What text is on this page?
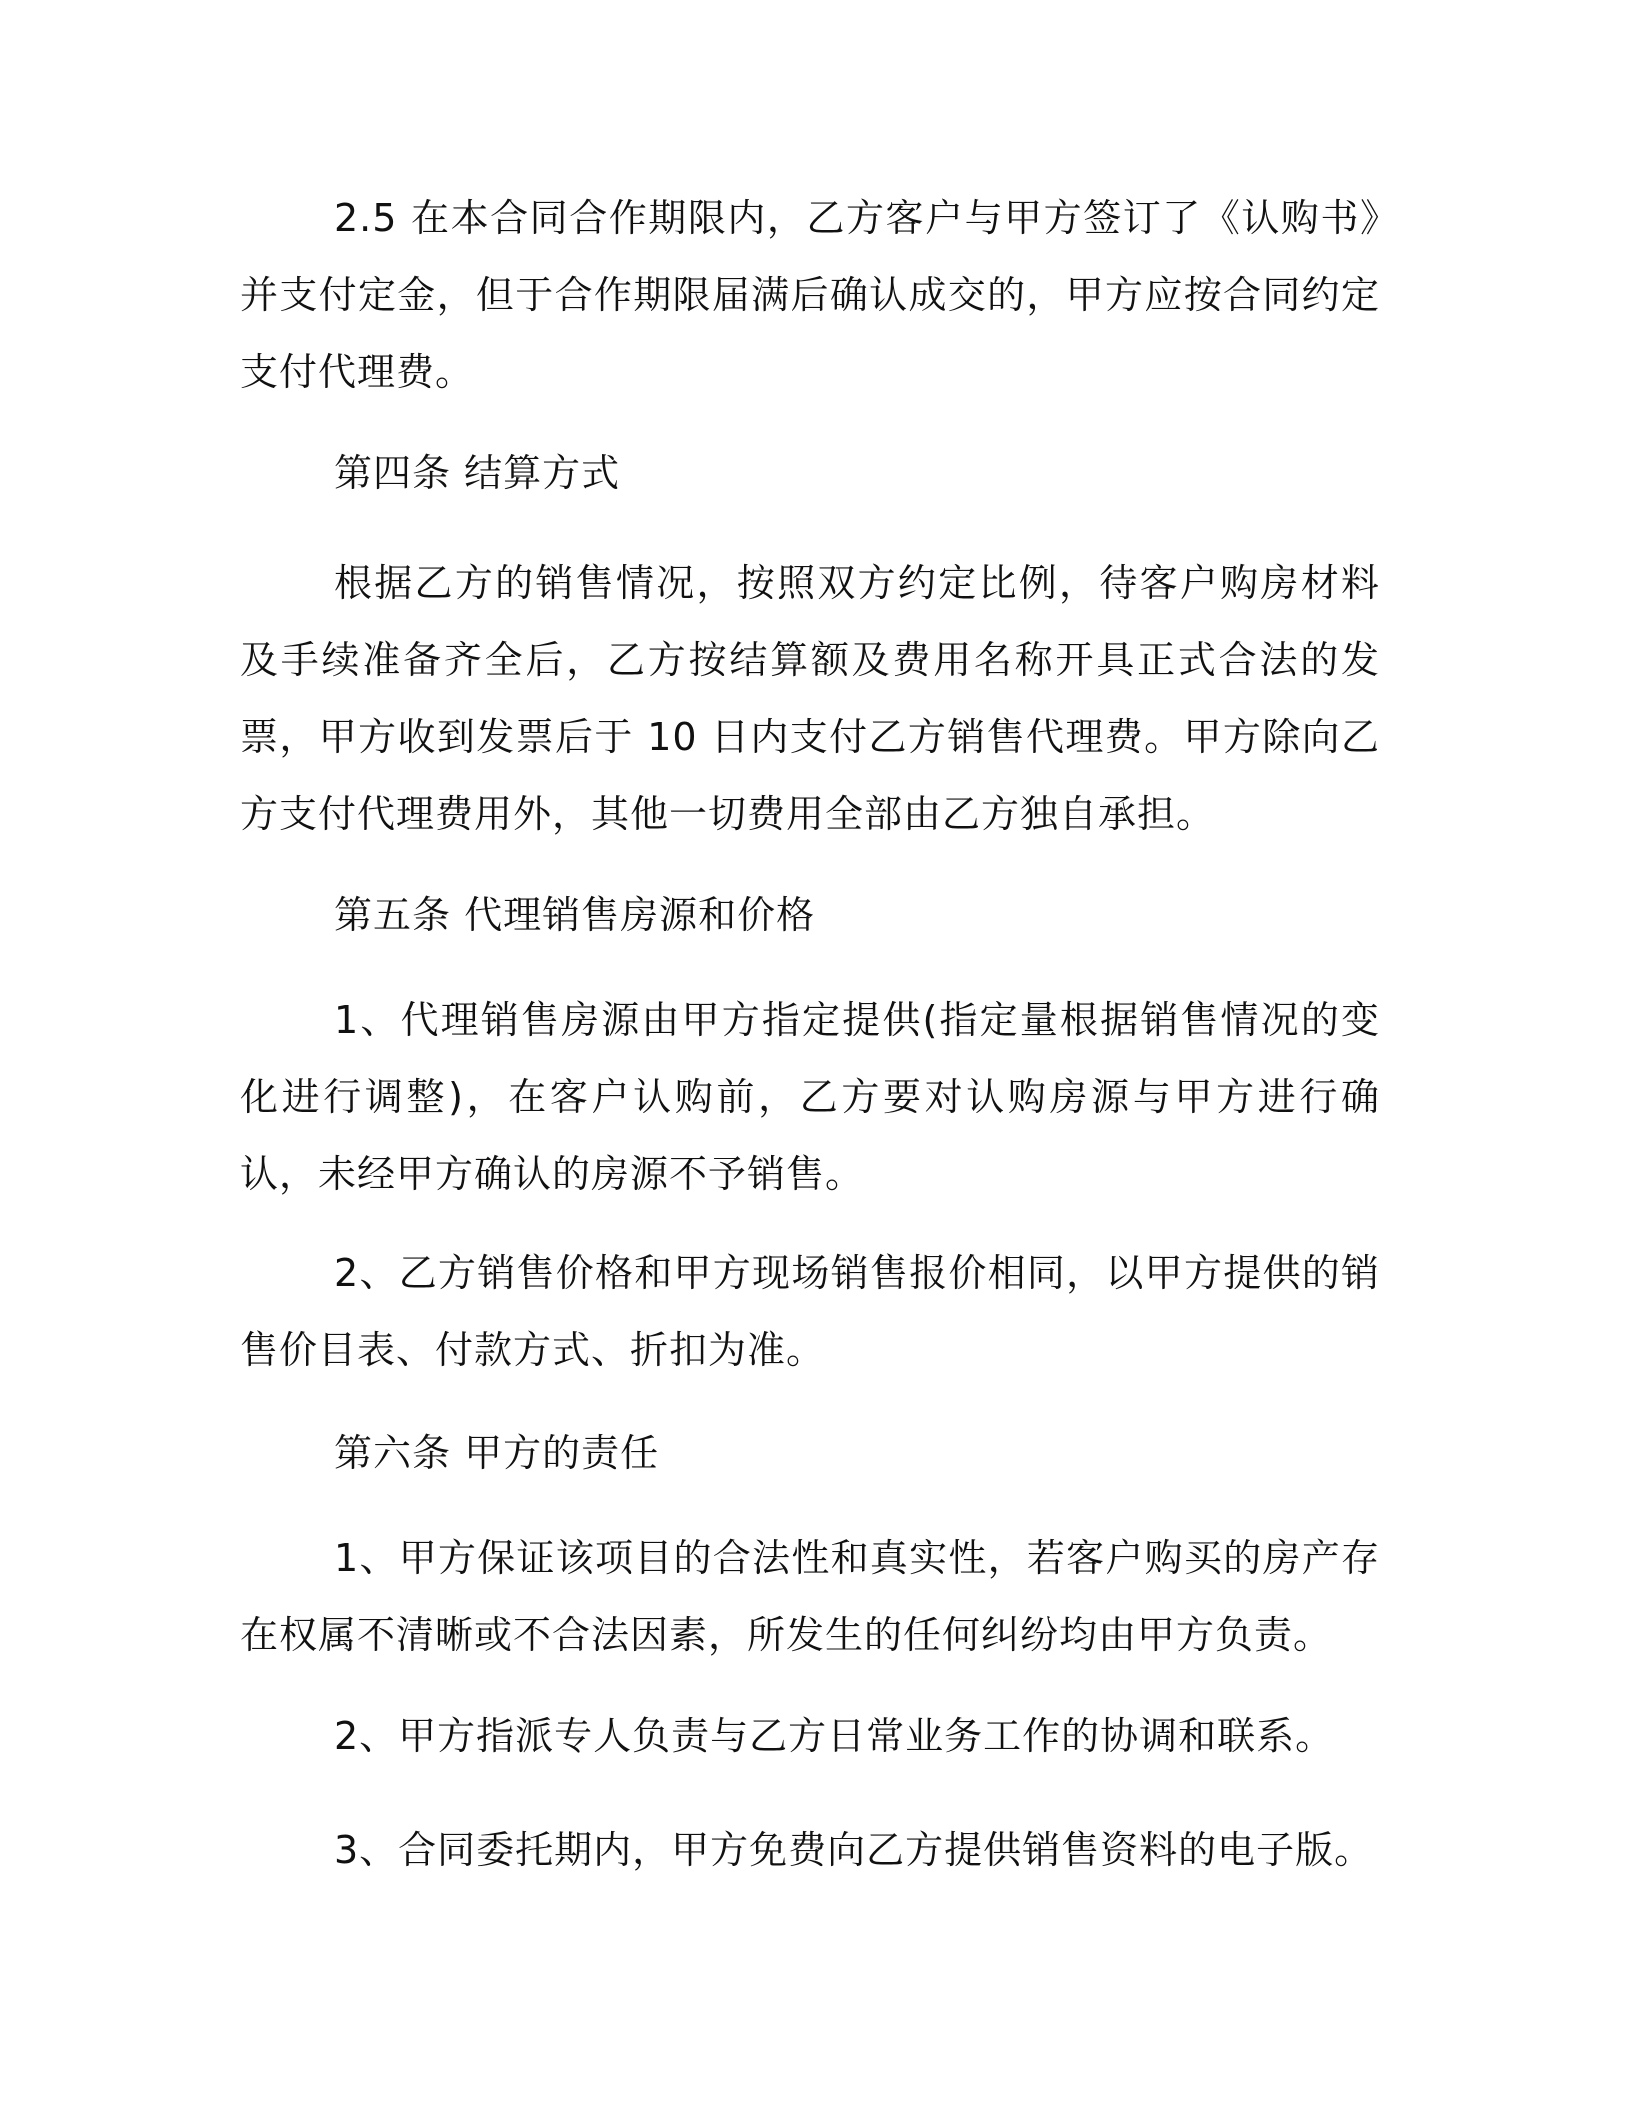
2.5 在本合同合作期限内，乙方客户与甲方签订了《认购书》并支付定金，但于合作期限届满后确认成交的，甲方应按合同约定支付代理费。

第四条 结算方式

根据乙方的销售情况，按照双方约定比例，待客户购房材料及手续准备齐全后，乙方按结算额及费用名称开具正式合法的发票，甲方收到发票后于 10 日内支付乙方销售代理费。甲方除向乙方支付代理费用外，其他一切费用全部由乙方独自承担。

第五条 代理销售房源和价格

1、代理销售房源由甲方指定提供(指定量根据销售情况的变化进行调整)，在客户认购前，乙方要对认购房源与甲方进行确认，未经甲方确认的房源不予销售。

2、乙方销售价格和甲方现场销售报价相同，以甲方提供的销售价目表、付款方式、折扣为准。

第六条 甲方的责任

1、甲方保证该项目的合法性和真实性，若客户购买的房产存在权属不清晰或不合法因素，所发生的任何纠纷均由甲方负责。

2、甲方指派专人负责与乙方日常业务工作的协调和联系。

3、合同委托期内，甲方免费向乙方提供销售资料的电子版。
